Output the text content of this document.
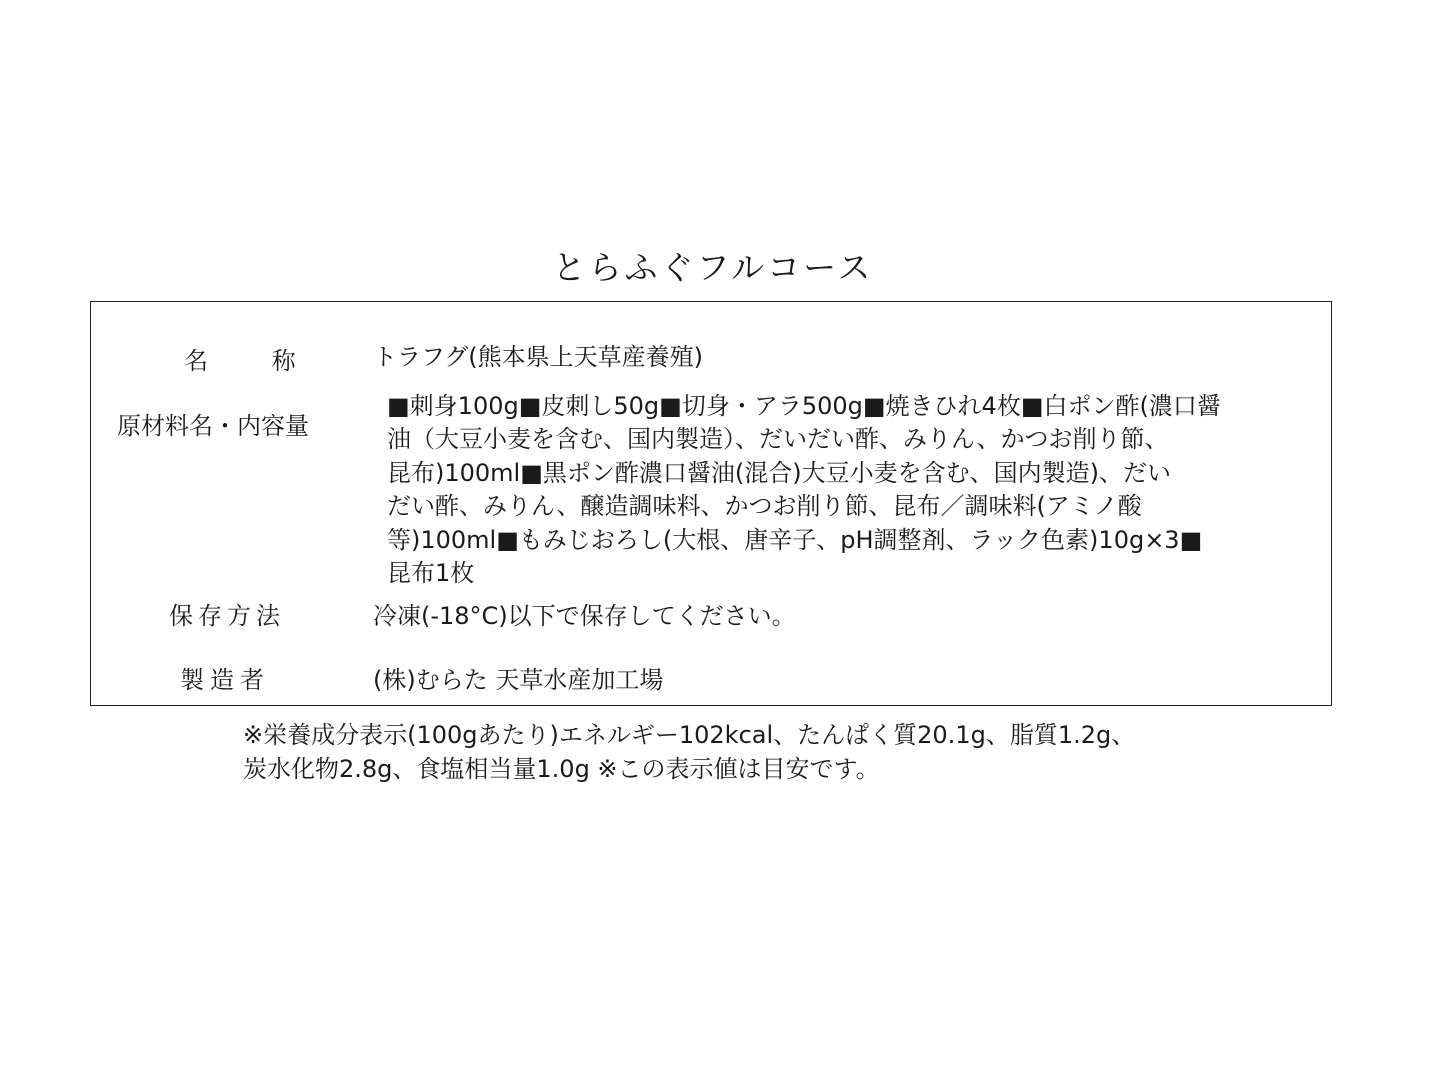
とらふぐフルコース
名 称 トラフグ(熊本県上天草産養殖)
原材料名・内容量
■刺身100g■皮刺し50g■切身・アラ500g■焼きひれ4枚■白ポン酢(濃口醤
油（大豆小麦を含む、国内製造）、だいだい酢、みりん、かつお削り節、
昆布)100ml■黒ポン酢濃口醤油(混合)大豆小麦を含む、国内製造)、だい
だい酢、みりん、醸造調味料、かつお削り節、昆布／調味料(アミノ酸
等)100ml■もみじおろし(大根、唐辛子、pH調整剤、ラック色素)10g×3■
昆布1枚
保存方法	冷凍(-18°C)以下で保存してください。
製造者	(株)むらた 天草水産加工場
※栄養成分表示(100gあたり)エネルギー102kcal、たんぱく質20.1g、脂質1.2g、
炭水化物2.8g、食塩相当量1.0g ※この表示値は目安です。
